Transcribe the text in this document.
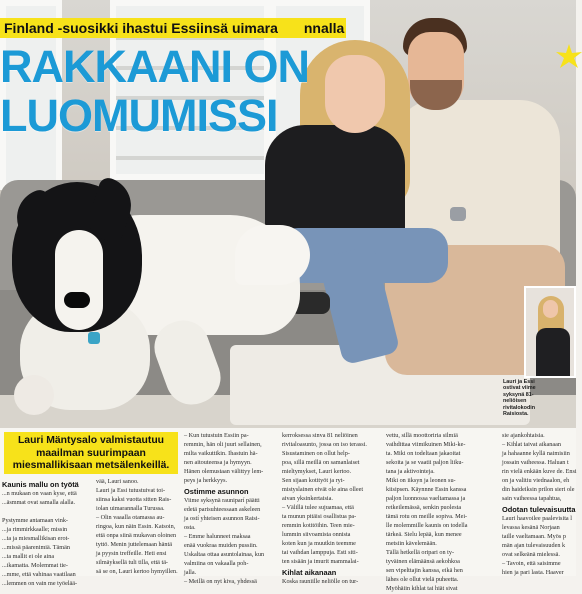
Finland -suosikki ihastui Essiinsä uimara nnalla
RAKKAANI ON
LUOMUMISSI
Lauri ja Essi ostivat viime syksynä 81-neliöisen rivitalokodin Raisiosta.
Kaunis mallu on työtä

...n mukaan on vaan kyse, että

...äsmmat ovat samalla alalla.

Pystymme antamaan vink-

...ja rimmirkkaalle; missin

...ta ja miesmallikisan erot-

...missä päarenimiä. Tämän

...ta mallit ei ole aina

...ikamatta. Molemmat tie-

...mme, että vahinaa vaatilaan

...lemmen on vain me työelää-

Lauri Mäntysalo valmistautuu maailman suurimpaan miesmallikisaan metsälenkeillä.

vää, Lauri sanoo.

Lauri ja Essi tutustuivat toi-

siinsa kaksi vuotta sitten Rais-

iolan uimarannalla Turussa.

– Olin vaaalla otamassa au-

ringoa, kun näin Essin. Katsoin,

että onpa siinä mukavan oloinen

tyttö. Menin juttelemaan häntä

ja pyysin treffeille. Heti ensi

silmäyksellä tuli tilla, että tä-

sä se on, Lauri kertoo hymyillen.

– Kun tutustuin Essiin pa-

remmin, hän oli juuri sellainen,

milta vaikuttikin. Ihastuin hä-

nen aitouteensa ja hymyyn.

Hänen olemustaan välittyy lem-

peys ja herkkyys.

Ostimme asunnon

Viime syksynä rauniparí päätti

edetä parisuhteessaan askeleen

ja ostí yhteisen asunnon Raisi-

osta.

– Emme halunneet maksaa

enää vuokraa muiden pussiin.

Uskaltaa ottaa asuntolainaa, kun

valmiina on vakaalla poh-

jalla.

– Meillä on nyt kiva, yhdessä

kerroksessa sinva 81 neliöinen

rivitaloasunto, jossa on iso terassi.

Sisustaminen on ollut help-

poa, sillä meillä on samanlaiset

mieltymykset, Lauri kertoo.

Sen sijaan kotityöt ja ryt-

mistyslainen eivät ole aina olleet

aivan yksinkertaisia.

– Välillä tulee sujuamaa, että

ta munun pitäisi osallistua pa-

remmin kotitöihin. Teen mie-

lummin siivoamista onnista

koten kun ja muutkin teemme

tai vaihdan lamppuja. Esti siti-

ten sisään ja imurit mammalai-

Kihlat aikanaan

Koska rauniille neliölle on tur-

vettu, sillä moottoriria silmiä

vaihdittaa viimikuinen Miki-ke-

ta. Miki on todeltaan jakaoitat

sekoita ja se vaatii paljon liiku-

tana ja aktivointeja.

Miki on iiksyn ja leonen su-

kiisipsen. Käynnne Essin kanssa

paljon luonnossa vaeltamassa ja

retkeilemässä, senkin puolesta

tämä rotu on meille sopiva. Mei-

lle molemmille kaunis on todella

tärkeä. Sielu lepää, kun menee

metsiin kävelemään.

Tällä hetkellä oripari on ty-

tyväinen elämäänsä aekohkoa

sen vipelttajin kanssa, eikä hen

lähes ole ollut vielä puheetta.

Myöhäiin kihlat tai hiät sivat

sie ajankohtaisia.

– Kihlat taivat aikanaan

ja hahaanne kyllä naimisiin

jossain vaiheessa. Haluan t

rin vielä enkään kuve de. Ensi

on ja valitiu viednaalon, eh

din haideiksin prilon sieri ole

sain vaiheessa tapahtua,

Odotan tulevaisuutta

Lauri haavoilee paalevisita l

levassa kesänä Norjaan

taille vaeltamaan. Myös p

män ajan tulevaisuuden k

ovat selkeänä mielessä.

– Tavoin, että saisimme

hien ja pari lasta. Haaver
